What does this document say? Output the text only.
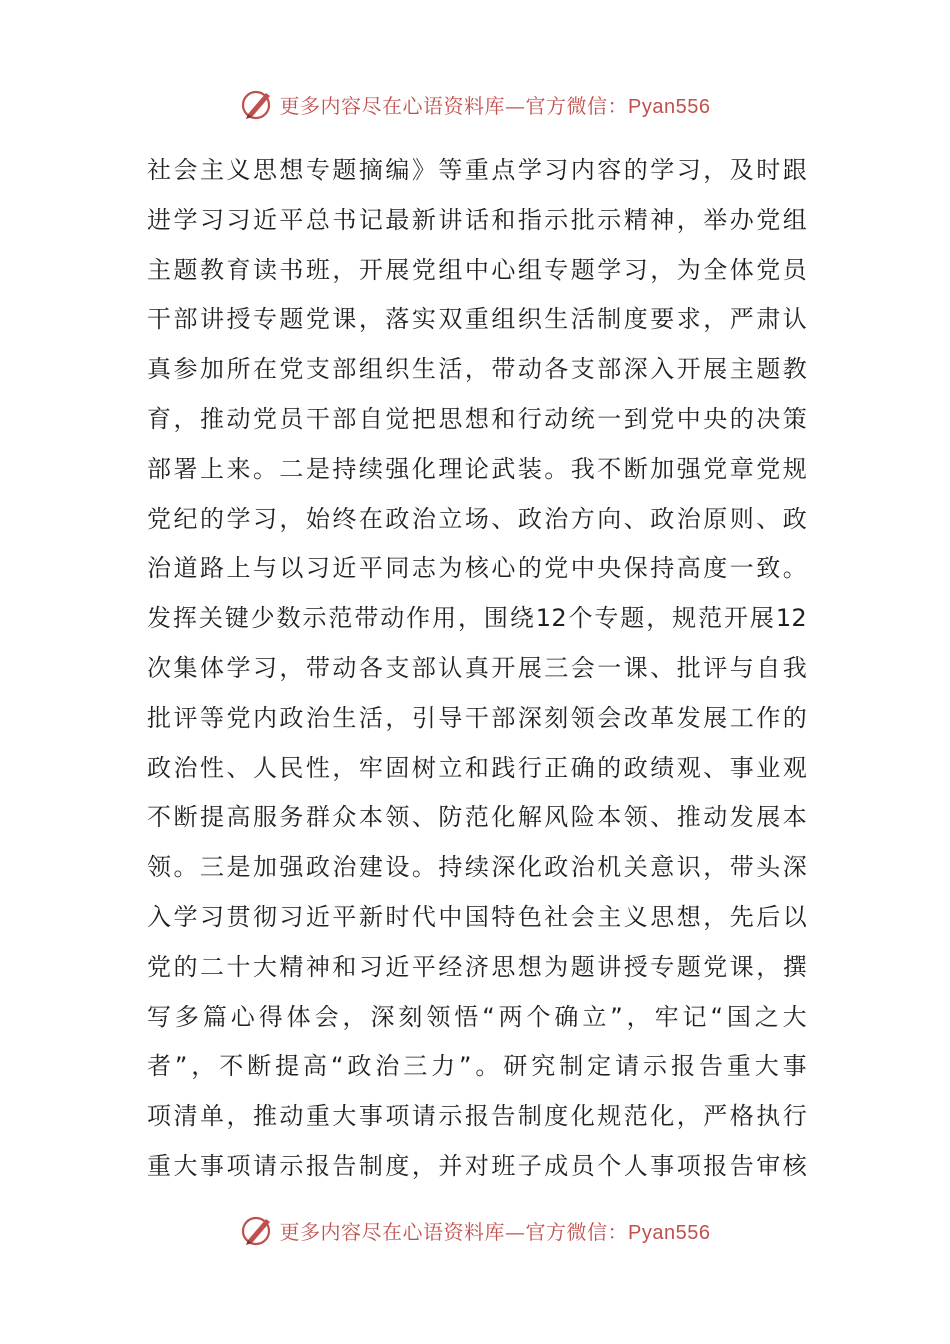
更多内容尽在心语资料库—官方微信：Pyan556
社会主义思想专题摘编》等重点学习内容的学习，及时跟
进学习习近平总书记最新讲话和指示批示精神，举办党组
主题教育读书班，开展党组中心组专题学习，为全体党员
干部讲授专题党课，落实双重组织生活制度要求，严肃认
真参加所在党支部组织生活，带动各支部深入开展主题教
育，推动党员干部自觉把思想和行动统一到党中央的决策
部署上来。二是持续强化理论武装。我不断加强党章党规
党纪的学习，始终在政治立场、政治方向、政治原则、政
治道路上与以习近平同志为核心的党中央保持高度一致。
发挥关键少数示范带动作用，围绕12个专题，规范开展12
次集体学习，带动各支部认真开展三会一课、批评与自我
批评等党内政治生活，引导干部深刻领会改革发展工作的
政治性、人民性，牢固树立和践行正确的政绩观、事业观
不断提高服务群众本领、防范化解风险本领、推动发展本
领。三是加强政治建设。持续深化政治机关意识，带头深
入学习贯彻习近平新时代中国特色社会主义思想，先后以
党的二十大精神和习近平经济思想为题讲授专题党课，撰
写多篇心得体会，深刻领悟“两个确立”，牢记“国之大
者”，不断提高“政治三力”。研究制定请示报告重大事
项清单，推动重大事项请示报告制度化规范化，严格执行
重大事项请示报告制度，并对班子成员个人事项报告审核
更多内容尽在心语资料库—官方微信：Pyan556
